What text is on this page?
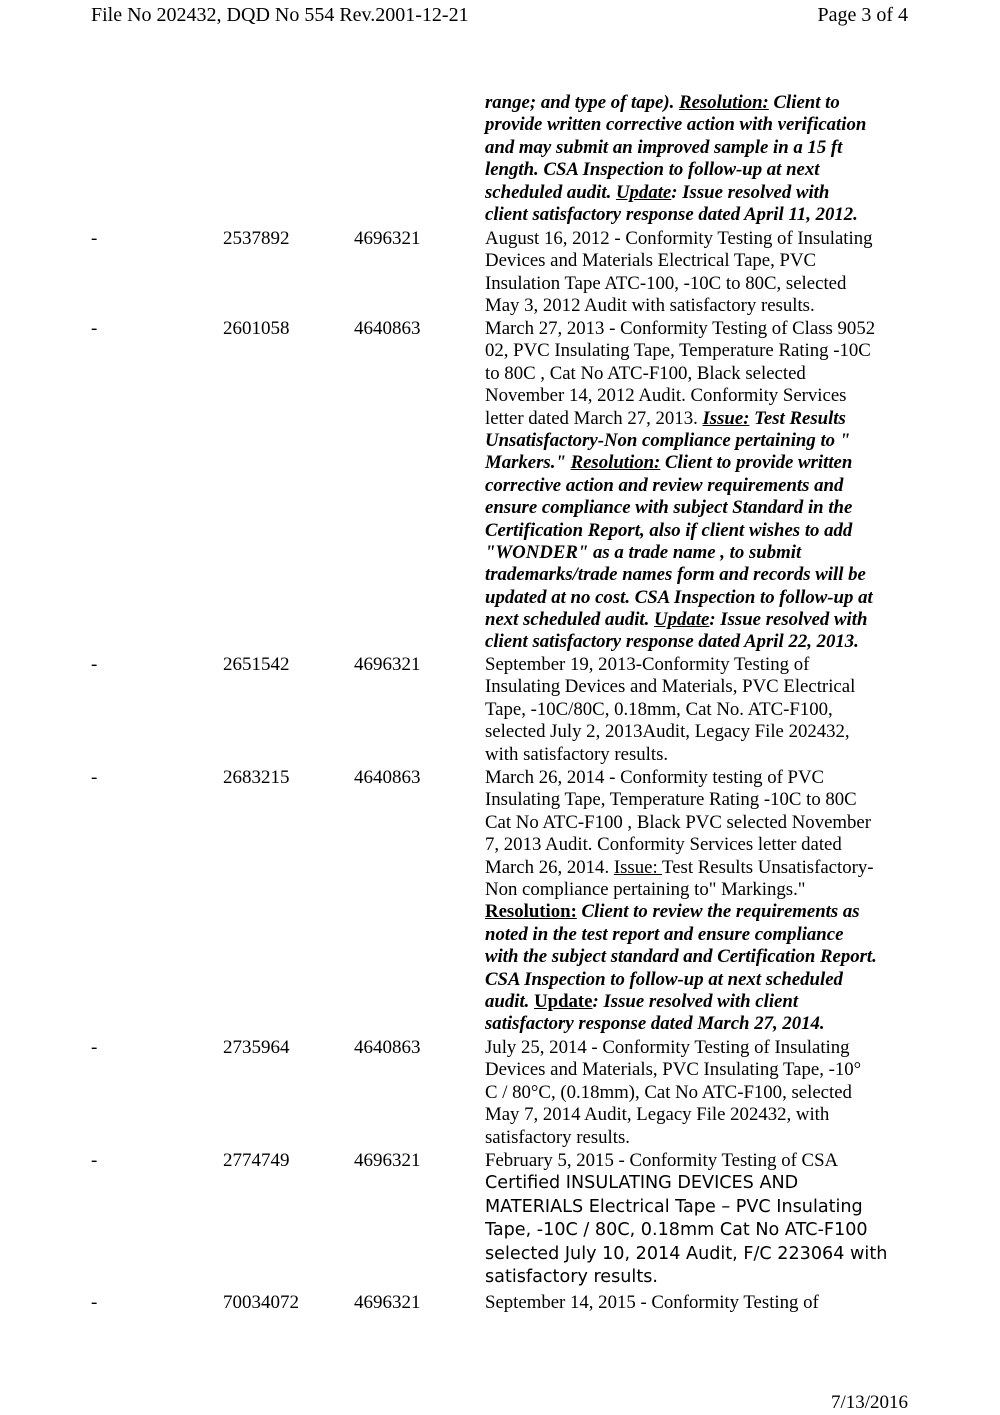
File No 202432, DQD No 554 Rev.2001-12-21	Page 3 of 4
range; and type of tape). Resolution: Client to
provide written corrective action with verification
and may submit an improved sample in a 15 ft
length. CSA Inspection to follow-up at next
scheduled audit. Update: Issue resolved with
client satisfactory response dated April 11, 2012.
-	2537892	4696321	August 16, 2012 - Conformity Testing of Insulating
Devices and Materials Electrical Tape, PVC
Insulation Tape ATC-100, -10C to 80C, selected
May 3, 2012 Audit with satisfactory results.
-	2601058	4640863	March 27, 2013 - Conformity Testing of Class 9052
02, PVC Insulating Tape, Temperature Rating -10C
to 80C , Cat No ATC-F100, Black selected
November 14, 2012 Audit. Conformity Services
letter dated March 27, 2013. Issue: Test Results
Unsatisfactory-Non compliance pertaining to "
Markers." Resolution: Client to provide written
corrective action and review requirements and
ensure compliance with subject Standard in the
Certification Report, also if client wishes to add
"WONDER" as a trade name , to submit
trademarks/trade names form and records will be
updated at no cost. CSA Inspection to follow-up at
next scheduled audit. Update: Issue resolved with
client satisfactory response dated April 22, 2013.
-	2651542	4696321	September 19, 2013-Conformity Testing of
Insulating Devices and Materials, PVC Electrical
Tape, -10C/80C, 0.18mm, Cat No. ATC-F100,
selected July 2, 2013Audit, Legacy File 202432,
with satisfactory results.
-	2683215	4640863	March 26, 2014 - Conformity testing of PVC
Insulating Tape, Temperature Rating -10C to 80C
Cat No ATC-F100 , Black PVC selected November
7, 2013 Audit. Conformity Services letter dated
March 26, 2014. Issue: Test Results Unsatisfactory-
Non compliance pertaining to" Markings."
Resolution: Client to review the requirements as
noted in the test report and ensure compliance
with the subject standard and Certification Report.
CSA Inspection to follow-up at next scheduled
audit. Update: Issue resolved with client
satisfactory response dated March 27, 2014.
-	2735964	4640863	July 25, 2014 - Conformity Testing of Insulating
Devices and Materials, PVC Insulating Tape, -10°
C / 80°C, (0.18mm), Cat No ATC-F100, selected
May 7, 2014 Audit, Legacy File 202432, with
satisfactory results.
-	2774749	4696321	February 5, 2015 - Conformity Testing of CSA
Certified INSULATING DEVICES AND
MATERIALS Electrical Tape – PVC Insulating
Tape, -10C / 80C, 0.18mm Cat No ATC-F100
selected July 10, 2014 Audit, F/C 223064 with
satisfactory results.
-	70034072	4696321	September 14, 2015 - Conformity Testing of
7/13/2016
